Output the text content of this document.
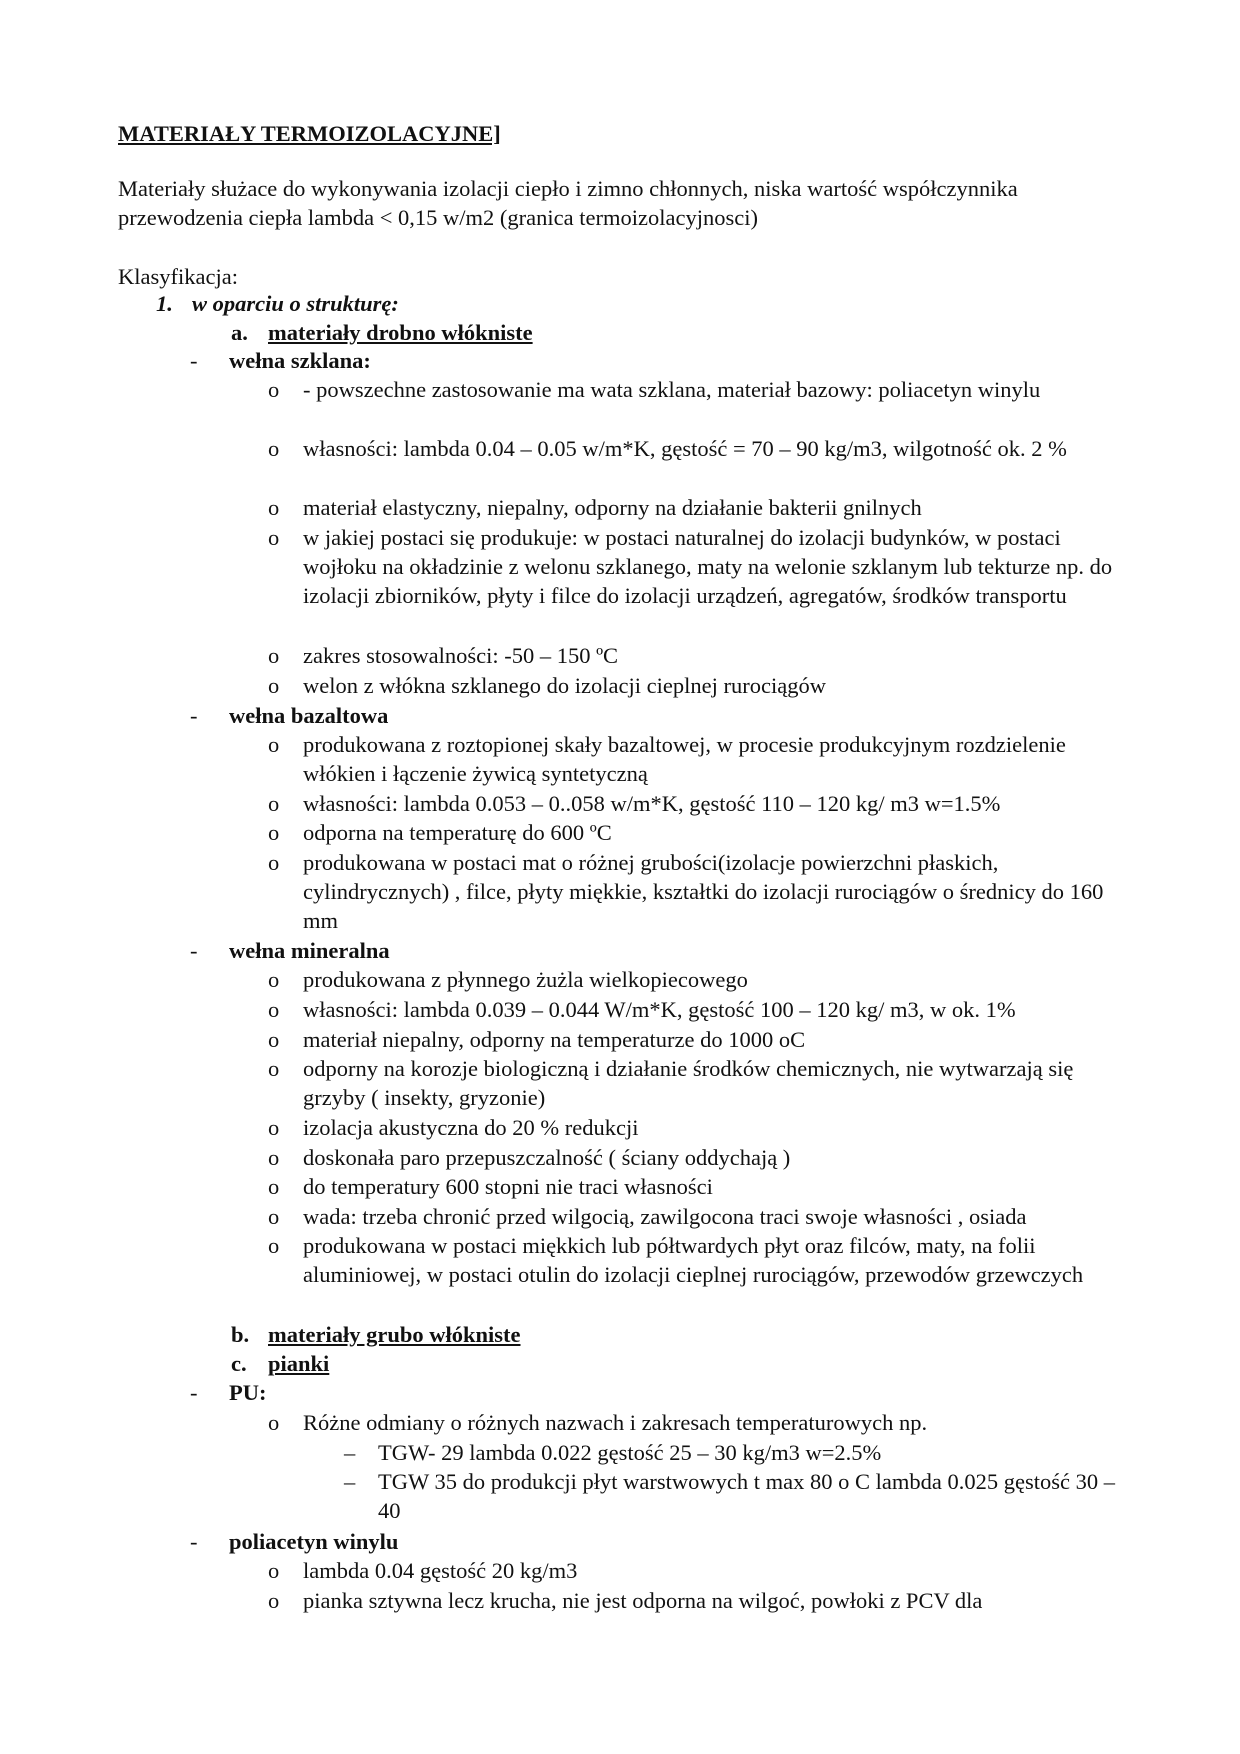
MATERIAŁY TERMOIZOLACYJNE]
Materiały służace do wykonywania izolacji ciepło i zimno chłonnych, niska wartość współczynnika przewodzenia ciepła lambda < 0,15 w/m2 (granica termoizolacyjnosci)
Klasyfikacja:
1. w oparciu o strukturę:
a. materiały drobno włókniste
- wełna szklana:
o - powszechne zastosowanie ma wata szklana, materiał bazowy: poliacetyn winylu
o własności: lambda 0.04 – 0.05 w/m*K, gęstość = 70 – 90 kg/m3, wilgotność ok. 2 %
o materiał elastyczny, niepalny, odporny na działanie bakterii gnilnych
o w jakiej postaci się produkuje: w postaci naturalnej do izolacji budynków, w postaci wojłoku na okładzinie z welonu szklanego, maty na welonie szklanym lub tekturze np. do izolacji zbiorników, płyty i filce do izolacji urządzeń, agregatów, środków transportu
o zakres stosowalności: -50 – 150 ºC
o welon z włókna szklanego do izolacji cieplnej rurociągów
- wełna bazaltowa
o produkowana z roztopionej skały bazaltowej, w procesie produkcyjnym rozdzielenie włókien i łączenie żywicą syntetyczną
o własności: lambda 0.053 – 0..058 w/m*K, gęstość 110 – 120 kg/ m3 w=1.5%
o odporna na temperaturę do 600 ºC
o produkowana w postaci mat o różnej grubości(izolacje powierzchni płaskich, cylindrycznych) , filce, płyty miękkie, kształtki do izolacji rurociągów o średnicy do 160 mm
- wełna mineralna
o produkowana z płynnego żużla wielkopiecowego
o własności: lambda 0.039 – 0.044 W/m*K, gęstość 100 – 120 kg/ m3, w ok. 1%
o materiał niepalny, odporny na temperaturze do 1000 oC
o odporny na korozje biologiczną i działanie środków chemicznych, nie wytwarzają się grzyby ( insekty, gryzonie)
o izolacja akustyczna do 20 % redukcji
o doskonała paro przepuszczalność ( ściany oddychają )
o do temperatury 600 stopni nie traci własności
o wada: trzeba chronić przed wilgocią, zawilgocona traci swoje własności , osiada
o produkowana w postaci miękkich lub półtwardych płyt oraz filców, maty, na folii aluminiowej, w postaci otulin do izolacji cieplnej rurociągów, przewodów grzewczych
b. materiały grubo włókniste
c. pianki
- PU:
o Różne odmiany o różnych nazwach i zakresach temperaturowych np.
– TGW- 29 lambda 0.022 gęstość 25 – 30 kg/m3 w=2.5%
– TGW 35 do produkcji płyt warstwowych t max 80 o C lambda 0.025 gęstość 30 – 40
- poliacetyn winylu
o lambda 0.04 gęstość 20 kg/m3
o pianka sztywna lecz krucha, nie jest odporna na wilgoć, powłoki z PCV dla
